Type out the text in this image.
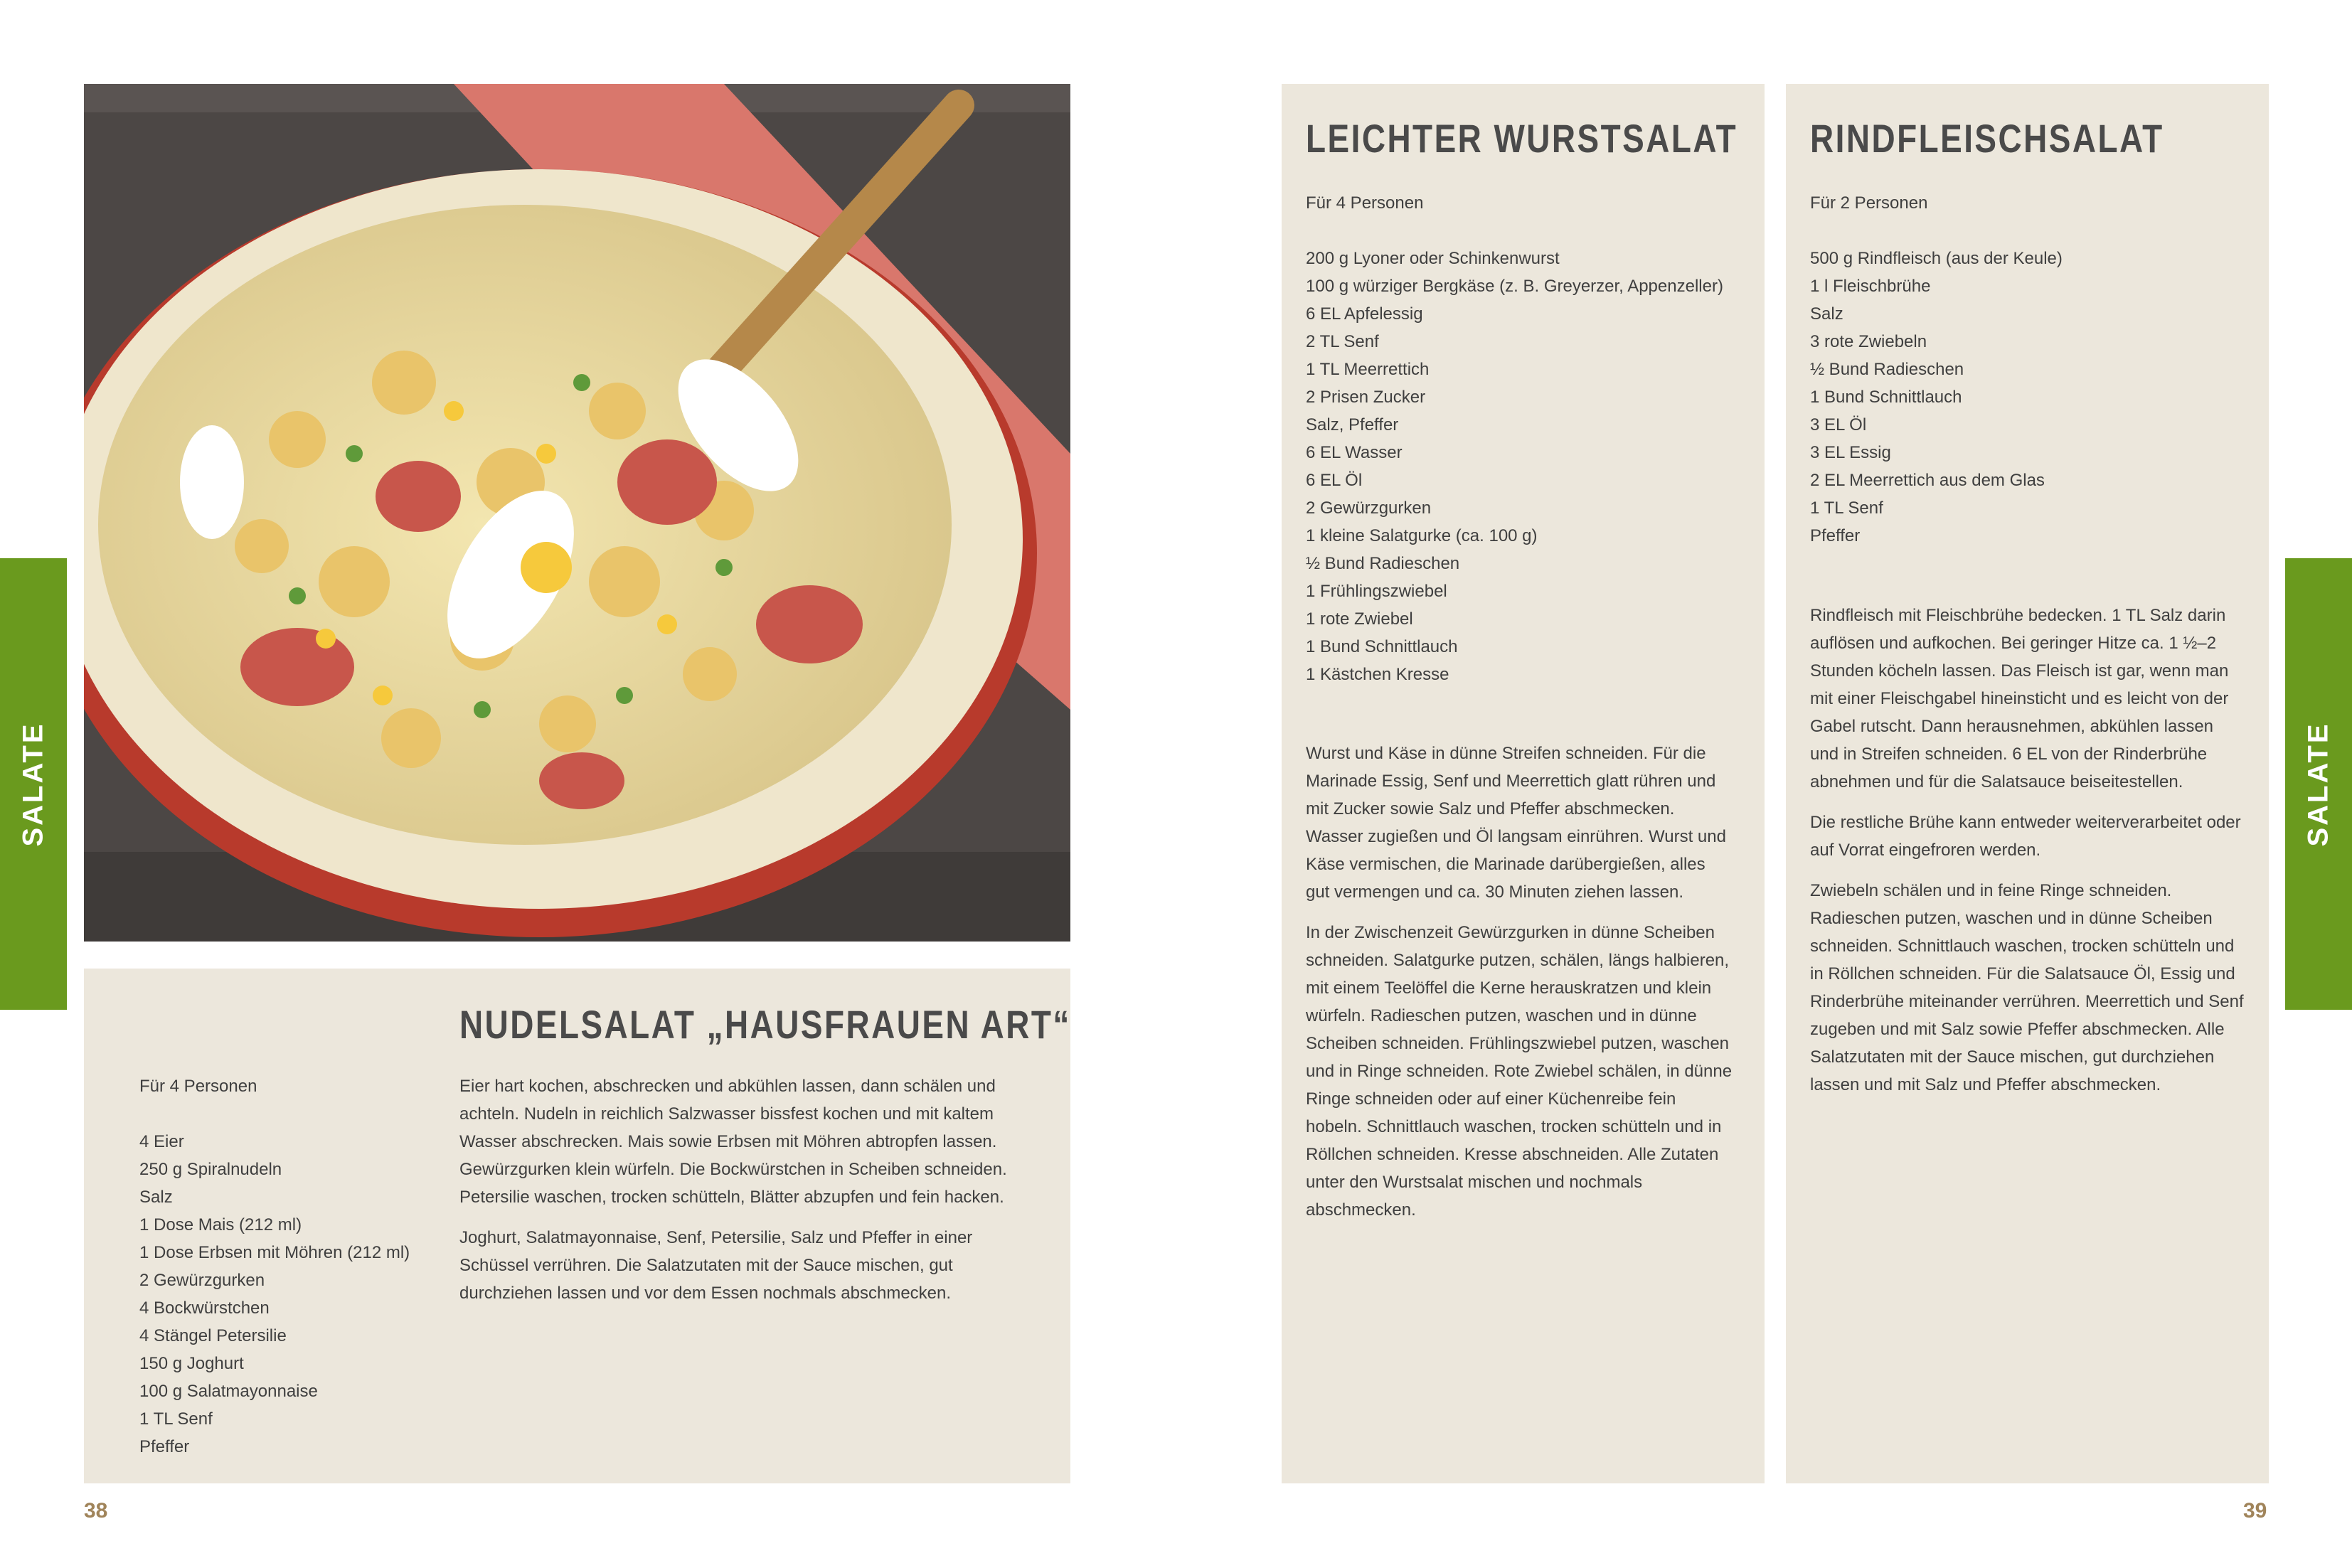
SALATE
NUDELSALAT „HAUSFRAUEN ART“
Für 4 Personen
4 Eier
250 g Spiralnudeln
Salz
1 Dose Mais (212 ml)
1 Dose Erbsen mit Möhren (212 ml)
2 Gewürzgurken
4 Bockwürstchen
4 Stängel Petersilie
150 g Joghurt
100 g Salatmayonnaise
1 TL Senf
Pfeffer

Eier hart kochen, abschrecken und abkühlen lassen, dann schälen und achteln. Nudeln in reichlich Salzwasser bissfest kochen und mit kaltem Wasser abschrecken. Mais sowie Erbsen mit Möhren abtropfen lassen. Gewürzgurken klein würfeln. Die Bockwürstchen in Scheiben schneiden. Petersilie waschen, trocken schütteln, Blätter abzupfen und fein hacken.

Joghurt, Salatmayonnaise, Senf, Petersilie, Salz und Pfeffer in einer Schüssel verrühren. Die Salatzutaten mit der Sauce mischen, gut durchziehen lassen und vor dem Essen nochmals abschmecken.

LEICHTER WURSTSALAT
Für 4 Personen
200 g Lyoner oder Schinkenwurst
100 g würziger Bergkäse (z. B. Greyerzer, Appenzeller)
6 EL Apfelessig
2 TL Senf
1 TL Meerrettich
2 Prisen Zucker
Salz, Pfeffer
6 EL Wasser
6 EL Öl
2 Gewürzgurken
1 kleine Salatgurke (ca. 100 g)
½ Bund Radieschen
1 Frühlingszwiebel
1 rote Zwiebel
1 Bund Schnittlauch
1 Kästchen Kresse

Wurst und Käse in dünne Streifen schneiden. Für die Marinade Essig, Senf und Meerrettich glatt rühren und mit Zucker sowie Salz und Pfeffer abschmecken. Wasser zugießen und Öl langsam einrühren. Wurst und Käse vermischen, die Marinade darübergießen, alles gut vermengen und ca. 30 Minuten ziehen lassen.

In der Zwischenzeit Gewürzgurken in dünne Scheiben schneiden. Salatgurke putzen, schälen, längs halbieren, mit einem Teelöffel die Kerne herauskratzen und klein würfeln. Radieschen putzen, waschen und in dünne Scheiben schneiden. Frühlingszwiebel putzen, waschen und in Ringe schneiden. Rote Zwiebel schälen, in dünne Ringe schneiden oder auf einer Küchenreibe fein hobeln. Schnittlauch waschen, trocken schütteln und in Röllchen schneiden. Kresse abschneiden. Alle Zutaten unter den Wurstsalat mischen und nochmals abschmecken.

RINDFLEISCHSALAT
Für 2 Personen
500 g Rindfleisch (aus der Keule)
1 l Fleischbrühe
Salz
3 rote Zwiebeln
½ Bund Radieschen
1 Bund Schnittlauch
3 EL Öl
3 EL Essig
2 EL Meerrettich aus dem Glas
1 TL Senf
Pfeffer

Rindfleisch mit Fleischbrühe bedecken. 1 TL Salz darin auflösen und aufkochen. Bei geringer Hitze ca. 1 ½–2 Stunden köcheln lassen. Das Fleisch ist gar, wenn man mit einer Fleischgabel hineinsticht und es leicht von der Gabel rutscht. Dann herausnehmen, abkühlen lassen und in Streifen schneiden. 6 EL von der Rinderbrühe abnehmen und für die Salatsauce beiseitestellen.

Die restliche Brühe kann entweder weiterverarbeitet oder auf Vorrat eingefroren werden.

Zwiebeln schälen und in feine Ringe schneiden. Radieschen putzen, waschen und in dünne Scheiben schneiden. Schnittlauch waschen, trocken schütteln und in Röllchen schneiden. Für die Salatsauce Öl, Essig und Rinderbrühe miteinander verrühren. Meerrettich und Senf zugeben und mit Salz sowie Pfeffer abschmecken. Alle Salatzutaten mit der Sauce mischen, gut durchziehen lassen und mit Salz und Pfeffer abschmecken.

SALATE
38	39
